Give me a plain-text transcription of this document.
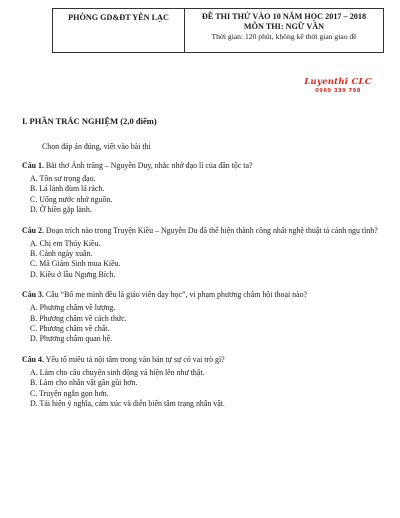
PHÒNG GD&ĐT YÊN LẠC	ĐỀ THI THỬ VÀO 10 NĂM HỌC 2017 – 2018
MÔN THI: NGỮ VĂN
Thời gian: 120 phút, không kể thời gian giao đề
Luyenthi CLC
0969 339 798
I. PHẦN TRẮC NGHIỆM (2,0 điểm)
Chọn đáp án đúng, viết vào bài thi
Câu 1. Bài thơ Ánh trăng – Nguyễn Duy, nhắc nhở đạo lí của dân tộc ta?
A. Tôn sư trọng đạo.
B. Lá lành đùm lá rách.
C. Uống nước nhớ nguồn.
D. Ở hiền gặp lành.
Câu 2. Đoạn trích nào trong Truyện Kiều – Nguyễn Du đã thể hiện thành công nhất nghệ thuật tả cảnh ngụ tình?
A. Chị em Thúy Kiều.
B. Cảnh ngày xuân.
C. Mã Giám Sinh mua Kiều.
D. Kiều ở lầu Ngưng Bích.
Câu 3. Câu “Bố mẹ mình đều là giáo viên dạy học”, vi phạm phương châm hội thoại nào?
A. Phương châm về lượng.
B. Phương châm về cách thức.
C. Phương châm về chất.
D. Phương châm quan hệ.
Câu 4. Yếu tố miêu tả nội tâm trong văn bản tự sự có vai trò gì?
A. Làm cho câu chuyện sinh động và hiện lên như thật.
B. Làm cho nhân vật gần gũi hơn.
C. Truyện ngắn gọn hơn.
D. Tái hiện ý nghĩa, cảm xúc và diễn biến tâm trạng nhân vật.
